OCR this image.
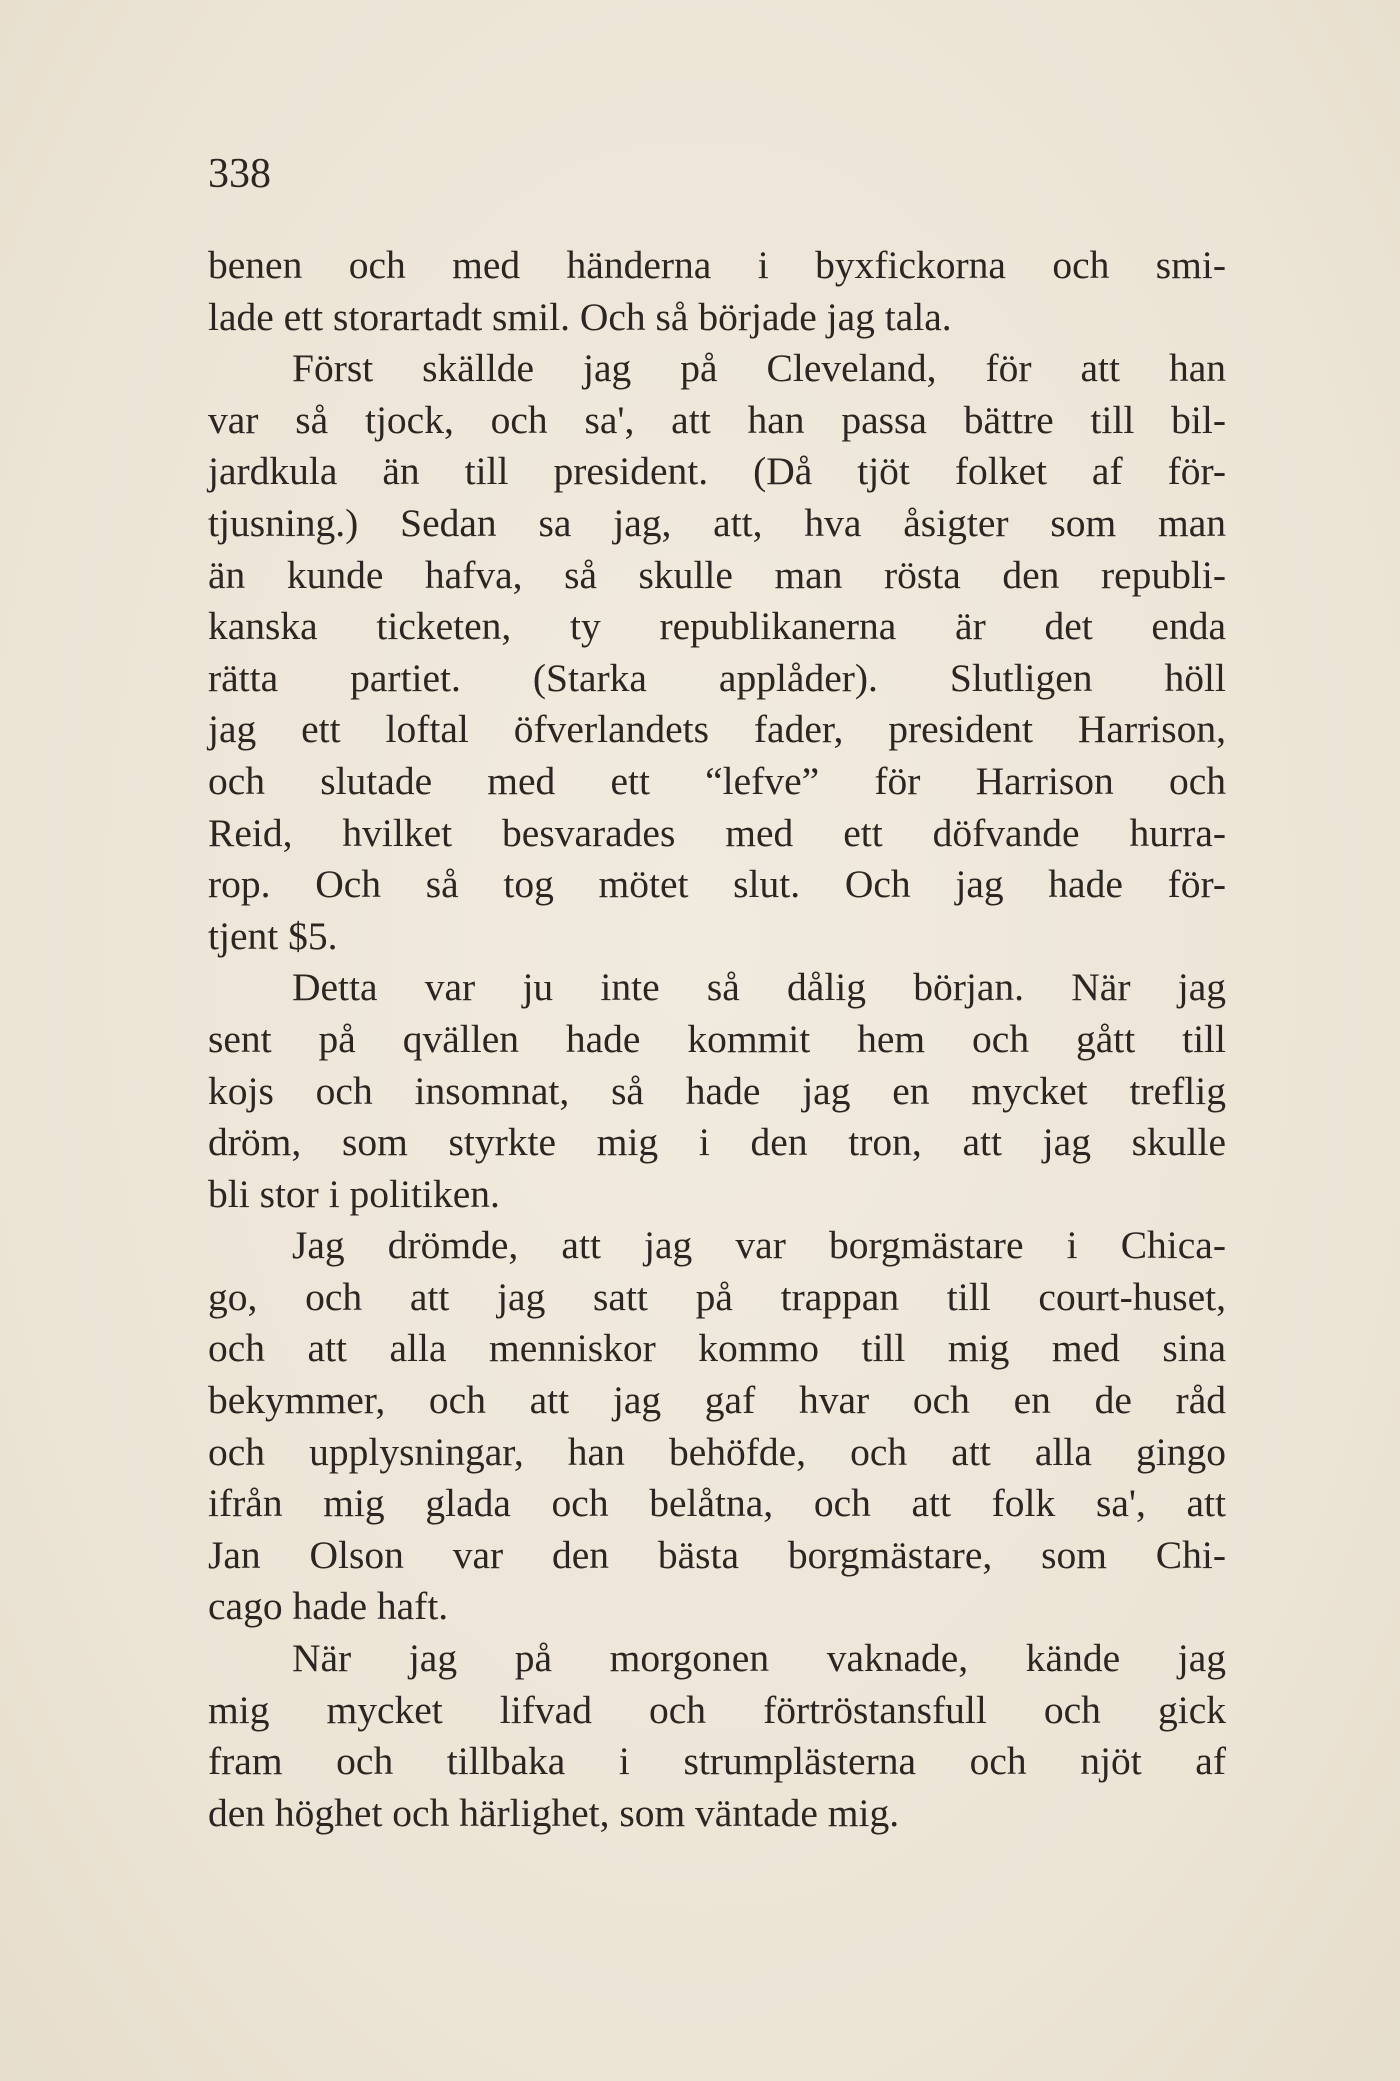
338
benen och med händerna i byxfickorna och smi-
lade ett storartadt smil. Och så började jag tala.
Först skällde jag på Cleveland, för att han
var så tjock, och sa', att han passa bättre till bil-
jardkula än till president. (Då tjöt folket af för-
tjusning.) Sedan sa jag, att, hva åsigter som man
än kunde hafva, så skulle man rösta den republi-
kanska ticketen, ty republikanerna är det enda
rätta partiet. (Starka applåder). Slutligen höll
jag ett loftal öfverlandets fader, president Harrison,
och slutade med ett “lefve” för Harrison och
Reid, hvilket besvarades med ett döfvande hurra-
rop. Och så tog mötet slut. Och jag hade för-
tjent $5.
Detta var ju inte så dålig början. När jag
sent på qvällen hade kommit hem och gått till
kojs och insomnat, så hade jag en mycket treflig
dröm, som styrkte mig i den tron, att jag skulle
bli stor i politiken.
Jag drömde, att jag var borgmästare i Chica-
go, och att jag satt på trappan till court-huset,
och att alla menniskor kommo till mig med sina
bekymmer, och att jag gaf hvar och en de råd
och upplysningar, han behöfde, och att alla gingo
ifrån mig glada och belåtna, och att folk sa', att
Jan Olson var den bästa borgmästare, som Chi-
cago hade haft.
När jag på morgonen vaknade, kände jag
mig mycket lifvad och förtröstansfull och gick
fram och tillbaka i strumplästerna och njöt af
den höghet och härlighet, som väntade mig.
